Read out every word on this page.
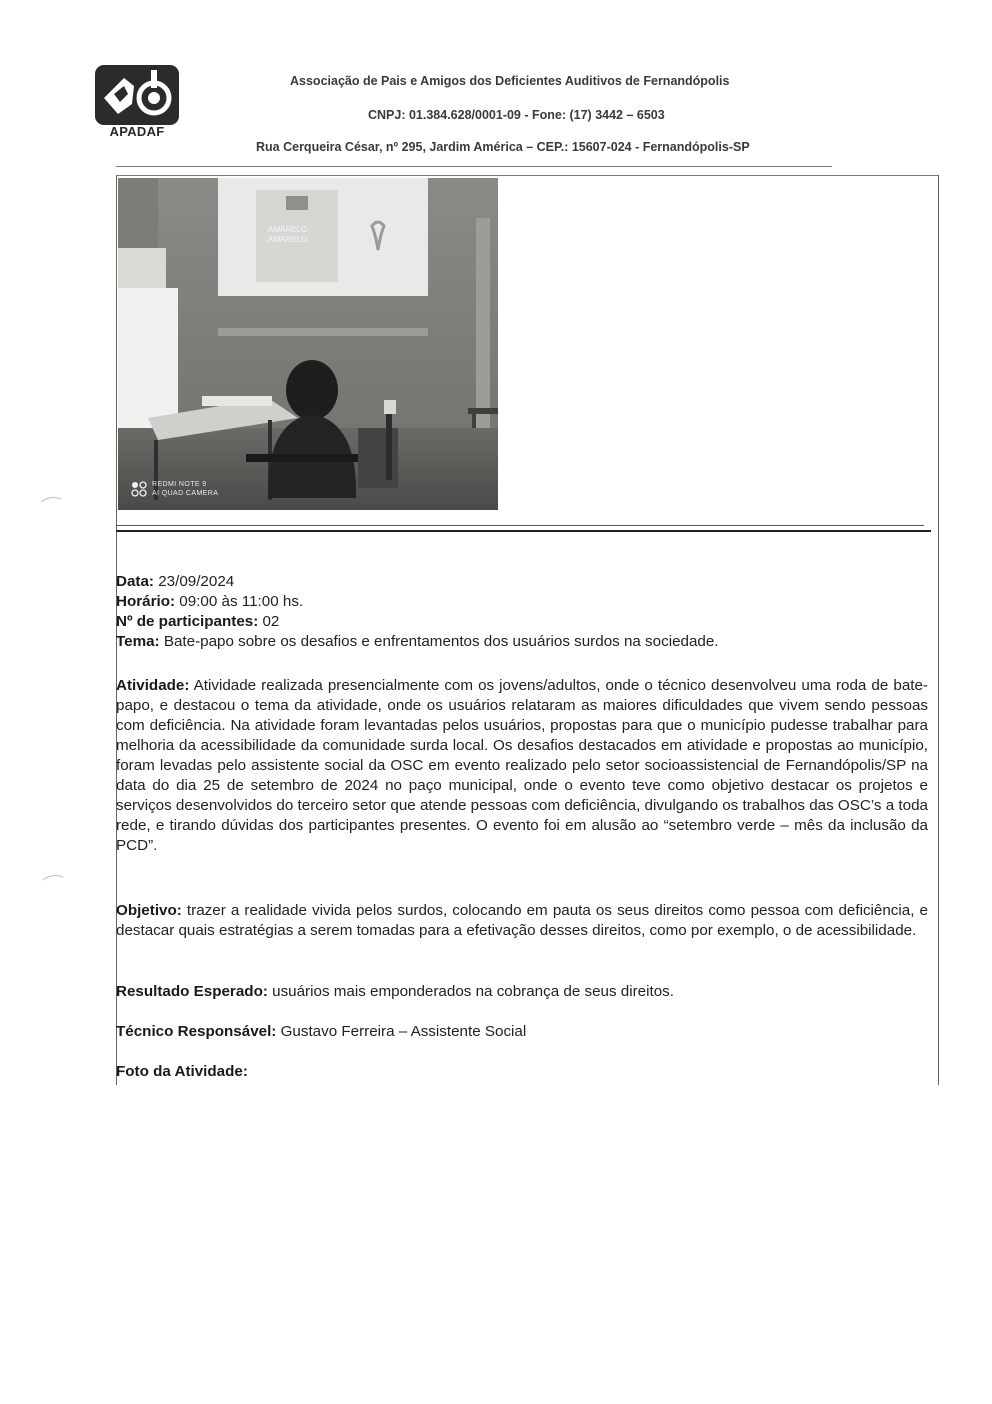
APADAF
Associação de Pais e Amigos dos Deficientes Auditivos de Fernandópolis
CNPJ: 01.384.628/0001-09 - Fone: (17) 3442 – 6503
Rua Cerqueira César, nº 295, Jardim América – CEP.: 15607-024 - Fernandópolis-SP
AMARELO
AMARELO
REDMI NOTE 9
AI QUAD CAMERA

Data: 23/09/2024

Horário: 09:00 às 11:00 hs.

Nº de participantes: 02

Tema: Bate-papo sobre os desafios e enfrentamentos dos usuários surdos na sociedade.

Atividade: Atividade realizada presencialmente com os jovens/adultos, onde o técnico desenvolveu uma roda de bate-papo, e destacou o tema da atividade, onde os usuários relataram as maiores dificuldades que vivem sendo pessoas com deficiência. Na atividade foram levantadas pelos usuários, propostas para que o município pudesse trabalhar para melhoria da acessibilidade da comunidade surda local. Os desafios destacados em atividade e propostas ao município, foram levadas pelo assistente social da OSC em evento realizado pelo setor socioassistencial de Fernandópolis/SP na data do dia 25 de setembro de 2024 no paço municipal, onde o evento teve como objetivo destacar os projetos e serviços desenvolvidos do terceiro setor que atende pessoas com deficiência, divulgando os trabalhos das OSC’s a toda rede, e tirando dúvidas dos participantes presentes. O evento foi em alusão ao “setembro verde – mês da inclusão da PCD”.
Objetivo: trazer a realidade vivida pelos surdos, colocando em pauta os seus direitos como pessoa com deficiência, e destacar quais estratégias a serem tomadas para a efetivação desses direitos, como por exemplo, o de acessibilidade.
Resultado Esperado: usuários mais emponderados na cobrança de seus direitos.
Técnico Responsável: Gustavo Ferreira – Assistente Social
Foto da Atividade:
